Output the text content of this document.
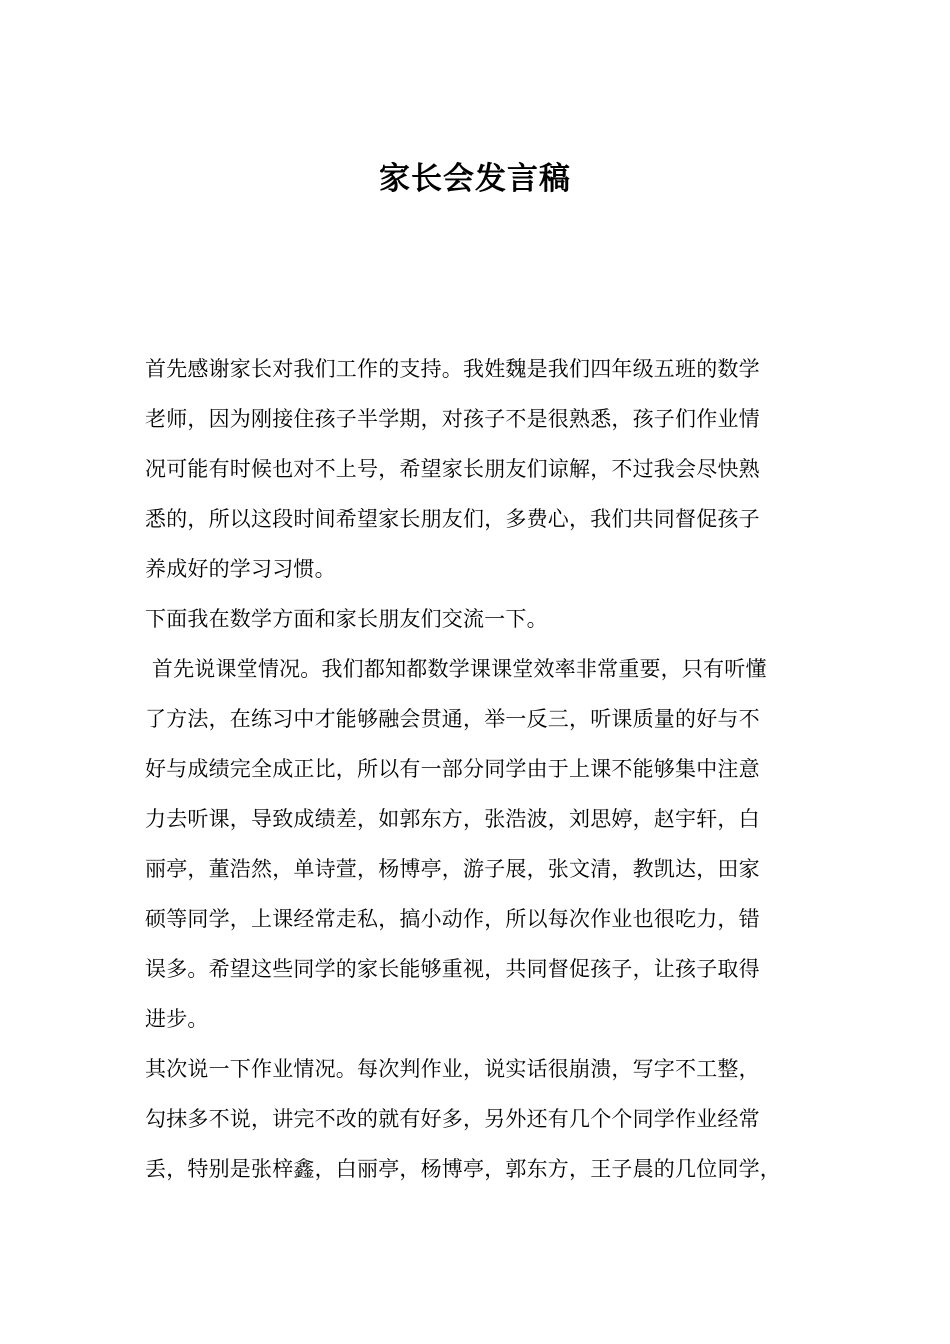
家长会发言稿

首先感谢家长对我们工作的支持。我姓魏是我们四年级五班的数学
老师，因为刚接住孩子半学期，对孩子不是很熟悉，孩子们作业情
况可能有时候也对不上号，希望家长朋友们谅解，不过我会尽快熟
悉的，所以这段时间希望家长朋友们，多费心，我们共同督促孩子
养成好的学习习惯。

下面我在数学方面和家长朋友们交流一下。

首先说课堂情况。我们都知都数学课课堂效率非常重要，只有听懂
了方法，在练习中才能够融会贯通，举一反三，听课质量的好与不
好与成绩完全成正比，所以有一部分同学由于上课不能够集中注意
力去听课，导致成绩差，如郭东方，张浩波，刘思婷，赵宇轩，白
丽亭，董浩然，单诗萱，杨博亭，游子展，张文清，教凯达，田家
硕等同学，上课经常走私，搞小动作，所以每次作业也很吃力，错
误多。希望这些同学的家长能够重视，共同督促孩子，让孩子取得
进步。

其次说一下作业情况。每次判作业，说实话很崩溃，写字不工整，
勾抹多不说，讲完不改的就有好多，另外还有几个个同学作业经常
丢，特别是张梓鑫，白丽亭，杨博亭，郭东方，王子晨的几位同学，
